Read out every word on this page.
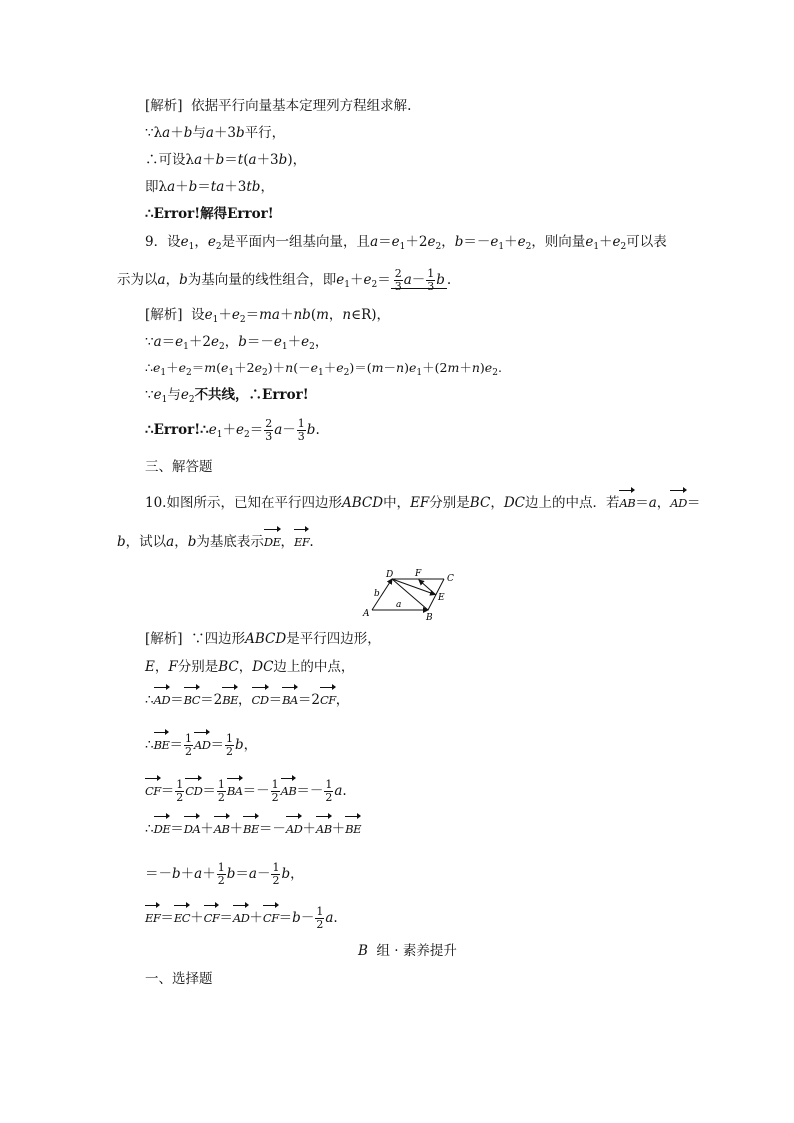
[解析] 依据平行向量基本定理列方程组求解.
∵λa＋b与a＋3b平行，
∴可设λa＋b＝t(a＋3b)，
即λa＋b＝ta＋3tb，
∴Error!解得Error!
9．设$e_1$，$e_2$是平面内一组基向量，且$a=e_1+2e_2$，$b=-e_1+e_2$，则向量$e_1+e_2$可以表
示为以a，b为基向量的线性组合，即$e_1+e_2= \frac{2}{3} a- \frac{1}{3}$ b .
[解析] 设$e_1+e_2=ma+nb(m$，n∈R)，
$\because a=e_1+2e_2$，$b=-e_1+e_2$，
$\therefore e_1+e_2=m(e_1+2e_2)+n(-e_1+e_2)=(m-n)e_1+(2m+n)e_2$.
$\because e_1$与$e_2$不共线，∴Error!
$\therefore Error!\therefore e_1+e_2= \frac{2}{3} a- \frac{1}{3} b$.
三、解答题
10.如图所示，已知在平行四边形ABCD中，EF分别是BC，DC边上的中点．若AB＝a，AD＝
b，试以a，b为基底表示DE，EF.
A	B
C
D
E
F
a
b
[解析] ∵四边形ABCD是平行四边形，
E，F分别是BC，DC边上的中点，
∴AD＝BC＝2BE，CD＝BA＝2CF，
∴BE＝ $\frac{1}{2} AD= \frac{1}{2}$ b，
$CF= \frac{1}{2} CD= \frac{1}{2} BA=- \frac{1}{2} AB=- \frac{1}{2} a$.
∴DE＝DA＋AB＋BE＝－AD＋AB＋BE
$=-b+a+ \frac{1}{2} b=a- \frac{1}{2}$ b，
$EF=EC+CF=AD+CF=b- \frac{1}{2} a$.
B 组 · 素养提升
一、选择题
